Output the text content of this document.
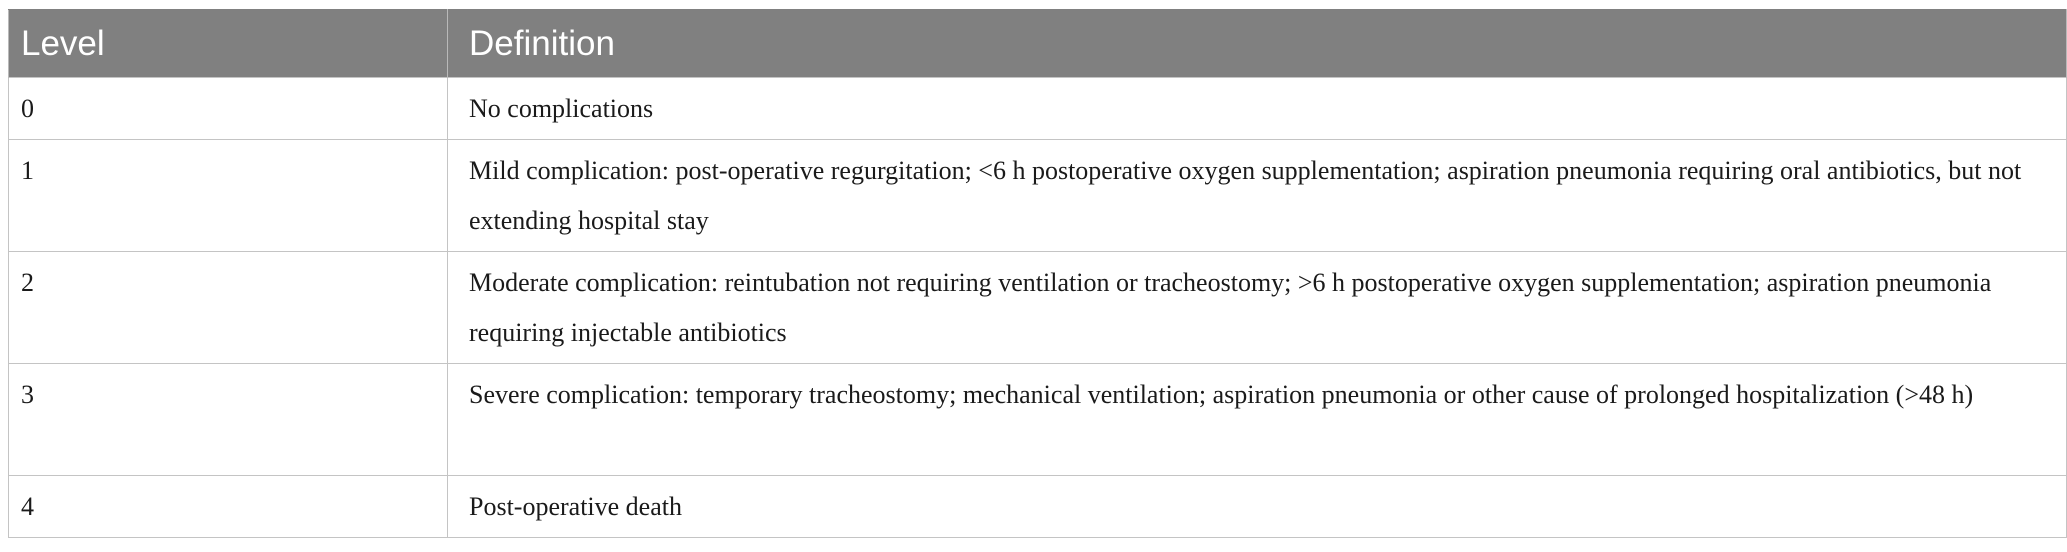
Level	Definition
0	No complications
1	Mild complication: post-operative regurgitation; <6 h postoperative oxygen supplementation; aspiration pneumonia requiring oral antibiotics, but not extending hospital stay
2	Moderate complication: reintubation not requiring ventilation or tracheostomy; >6 h postoperative oxygen supplementation; aspiration pneumonia requiring injectable antibiotics
3	Severe complication: temporary tracheostomy; mechanical ventilation; aspiration pneumonia or other cause of prolonged hospitalization (>48 h)
4	Post-operative death
